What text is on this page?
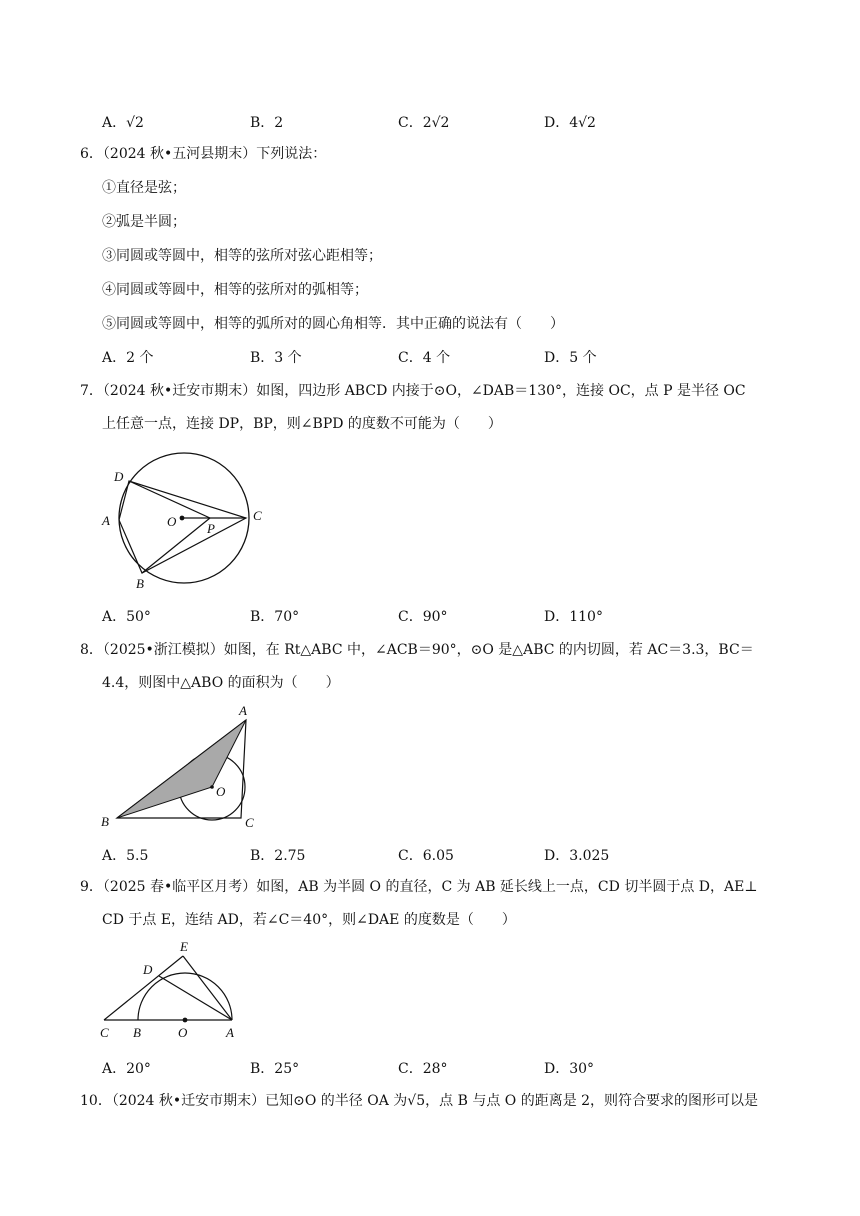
A．√2	B．2	C．2√2	D．4√2
6．（2024 秋•五河县期末）下列说法：
①直径是弦；
②弧是半圆；
③同圆或等圆中，相等的弦所对弦心距相等；
④同圆或等圆中，相等的弦所对的弧相等；
⑤同圆或等圆中，相等的弧所对的圆心角相等．其中正确的说法有（　　）
A．2 个	B．3 个	C．4 个	D．5 个
7．（2024 秋•迁安市期末）如图，四边形 ABCD 内接于⊙O，∠DAB＝130°，连接 OC，点 P 是半径 OC
上任意一点，连接 DP，BP，则∠BPD 的度数不可能为（　　）
D
A	O P
C
B
A．50°	B．70°	C．90°	D．110°
8．（2025•浙江模拟）如图，在 Rt△ABC 中，∠ACB＝90°，⊙O 是△ABC 的内切圆，若 AC＝3.3，BC＝
4.4，则图中△ABO 的面积为（　　）
A
O
B	C
A．5.5	B．2.75	C．6.05	D．3.025
9．（2025 春•临平区月考）如图，AB 为半圆 O 的直径，C 为 AB 延长线上一点，CD 切半圆于点 D，AE⊥
CD 于点 E，连结 AD，若∠C＝40°，则∠DAE 的度数是（　　）
E
D
C B	O	A
A．20°	B．25°	C．28°	D．30°
10．（2024 秋•迁安市期末）已知⊙O 的半径 OA 为√5，点 B 与点 O 的距离是 2，则符合要求的图形可以是
